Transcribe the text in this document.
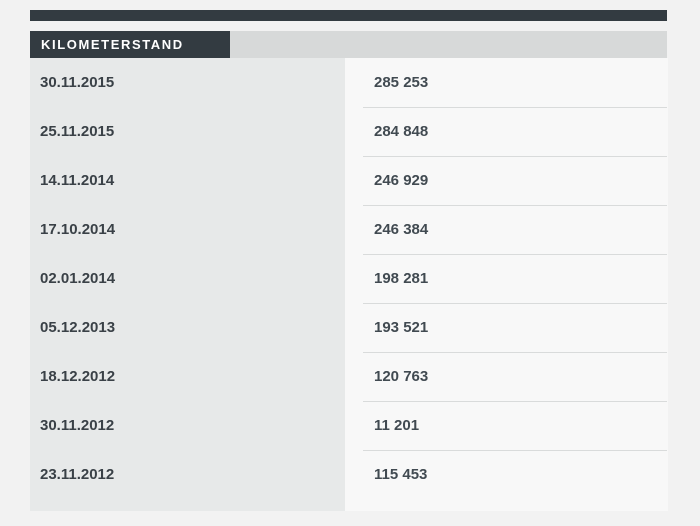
KILOMETERSTAND
30.11.2015
25.11.2015
14.11.2014
17.10.2014
02.01.2014
05.12.2013
18.12.2012
30.11.2012
23.11.2012
285 253
284 848
246 929
246 384
198 281
193 521
120 763
11 201
115 453
